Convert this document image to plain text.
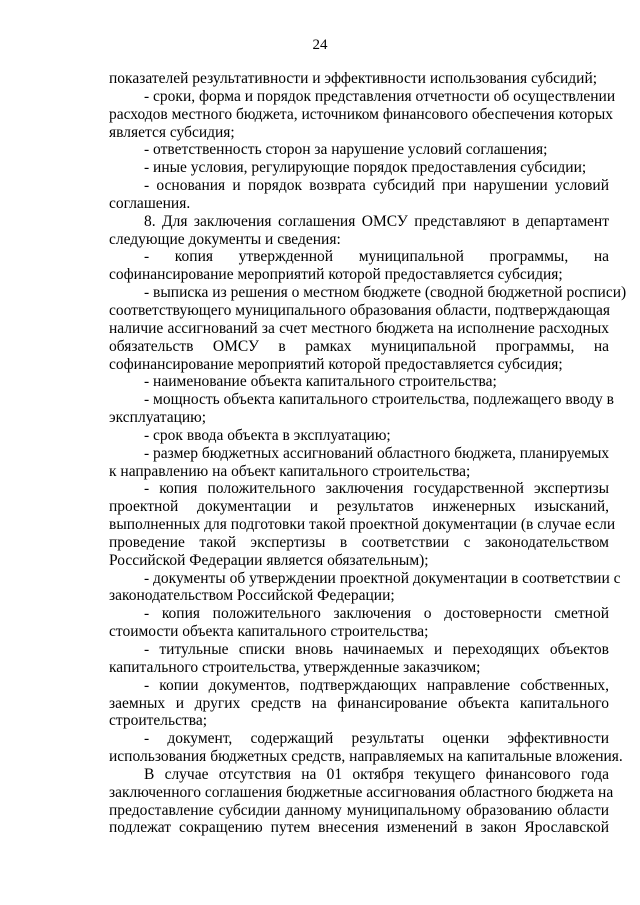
24
показателей результативности и эффективности использования субсидий;
- сроки, форма и порядок представления отчетности об осуществлении
расходов местного бюджета, источником финансового обеспечения которых
является субсидия;
- ответственность сторон за нарушение условий соглашения;
- иные условия, регулирующие порядок предоставления субсидии;
- основания и порядок возврата субсидий при нарушении условий
соглашения.
8. Для заключения соглашения ОМСУ представляют в департамент
следующие документы и сведения:
- копия утвержденной муниципальной программы, на
софинансирование мероприятий которой предоставляется субсидия;
- выписка из решения о местном бюджете (сводной бюджетной росписи)
соответствующего муниципального образования области, подтверждающая
наличие ассигнований за счет местного бюджета на исполнение расходных
обязательств ОМСУ в рамках муниципальной программы, на
софинансирование мероприятий которой предоставляется субсидия;
- наименование объекта капитального строительства;
- мощность объекта капитального строительства, подлежащего вводу в
эксплуатацию;
- срок ввода объекта в эксплуатацию;
- размер бюджетных ассигнований областного бюджета, планируемых
к направлению на объект капитального строительства;
- копия положительного заключения государственной экспертизы
проектной документации и результатов инженерных изысканий,
выполненных для подготовки такой проектной документации (в случае если
проведение такой экспертизы в соответствии с законодательством
Российской Федерации является обязательным);
- документы об утверждении проектной документации в соответствии с
законодательством Российской Федерации;
- копия положительного заключения о достоверности сметной
стоимости объекта капитального строительства;
- титульные списки вновь начинаемых и переходящих объектов
капитального строительства, утвержденные заказчиком;
- копии документов, подтверждающих направление собственных,
заемных и других средств на финансирование объекта капитального
строительства;
- документ, содержащий результаты оценки эффективности
использования бюджетных средств, направляемых на капитальные вложения.
В случае отсутствия на 01 октября текущего финансового года
заключенного соглашения бюджетные ассигнования областного бюджета на
предоставление субсидии данному муниципальному образованию области
подлежат сокращению путем внесения изменений в закон Ярославской
